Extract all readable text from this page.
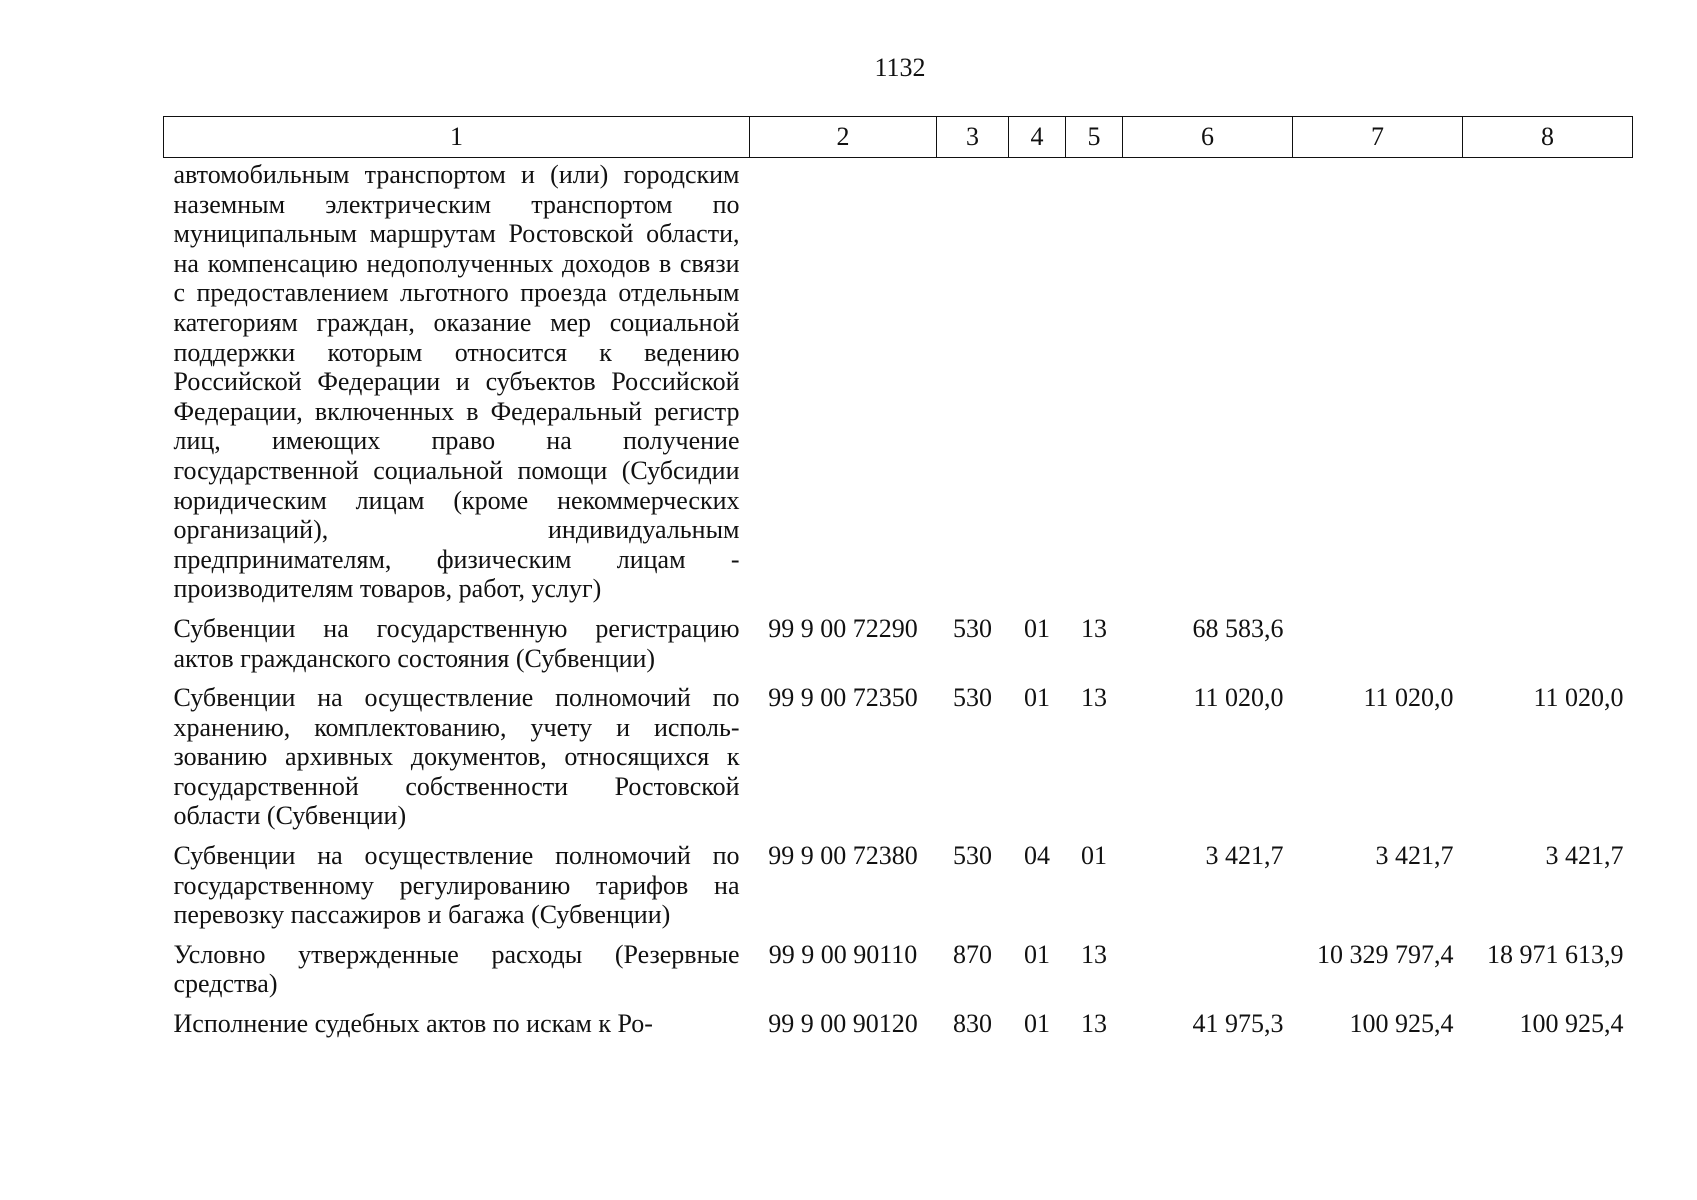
1132
1	2	3	4	5	6	7	8
автомобильным транспортом и (или) городским наземным электрическим транспортом по муниципальным маршрутам Ростовской области, на компенсацию недополученных доходов в связи с предоставлением льготного проезда отдельным категориям граждан, оказание мер социальной поддержки которым относится к ведению Российской Федерации и субъектов Российской Федерации, включенных в Федеральный регистр лиц, имеющих право на получение государственной социальной помощи (Субсидии юридическим лицам (кроме некоммерческих организаций), индивидуальным предпринимателям, физическим лицам - производителям товаров, работ, услуг)							
Субвенции на государственную регистрацию актов гражданского состояния (Субвенции)	99 9 00 72290	530	01	13	68 583,6		
Субвенции на осуществление полномочий по хранению, комплектованию, учету и использованию архивных документов, относящихся к государственной собственности Ростовской области (Субвенции)	99 9 00 72350	530	01	13	11 020,0	11 020,0	11 020,0
Субвенции на осуществление полномочий по государственному регулированию тарифов на перевозку пассажиров и багажа (Субвенции)	99 9 00 72380	530	04	01	3 421,7	3 421,7	3 421,7
Условно утвержденные расходы (Резервные средства)	99 9 00 90110	870	01	13		10 329 797,4	18 971 613,9
Исполнение судебных актов по искам к Ро-	99 9 00 90120	830	01	13	41 975,3	100 925,4	100 925,4
